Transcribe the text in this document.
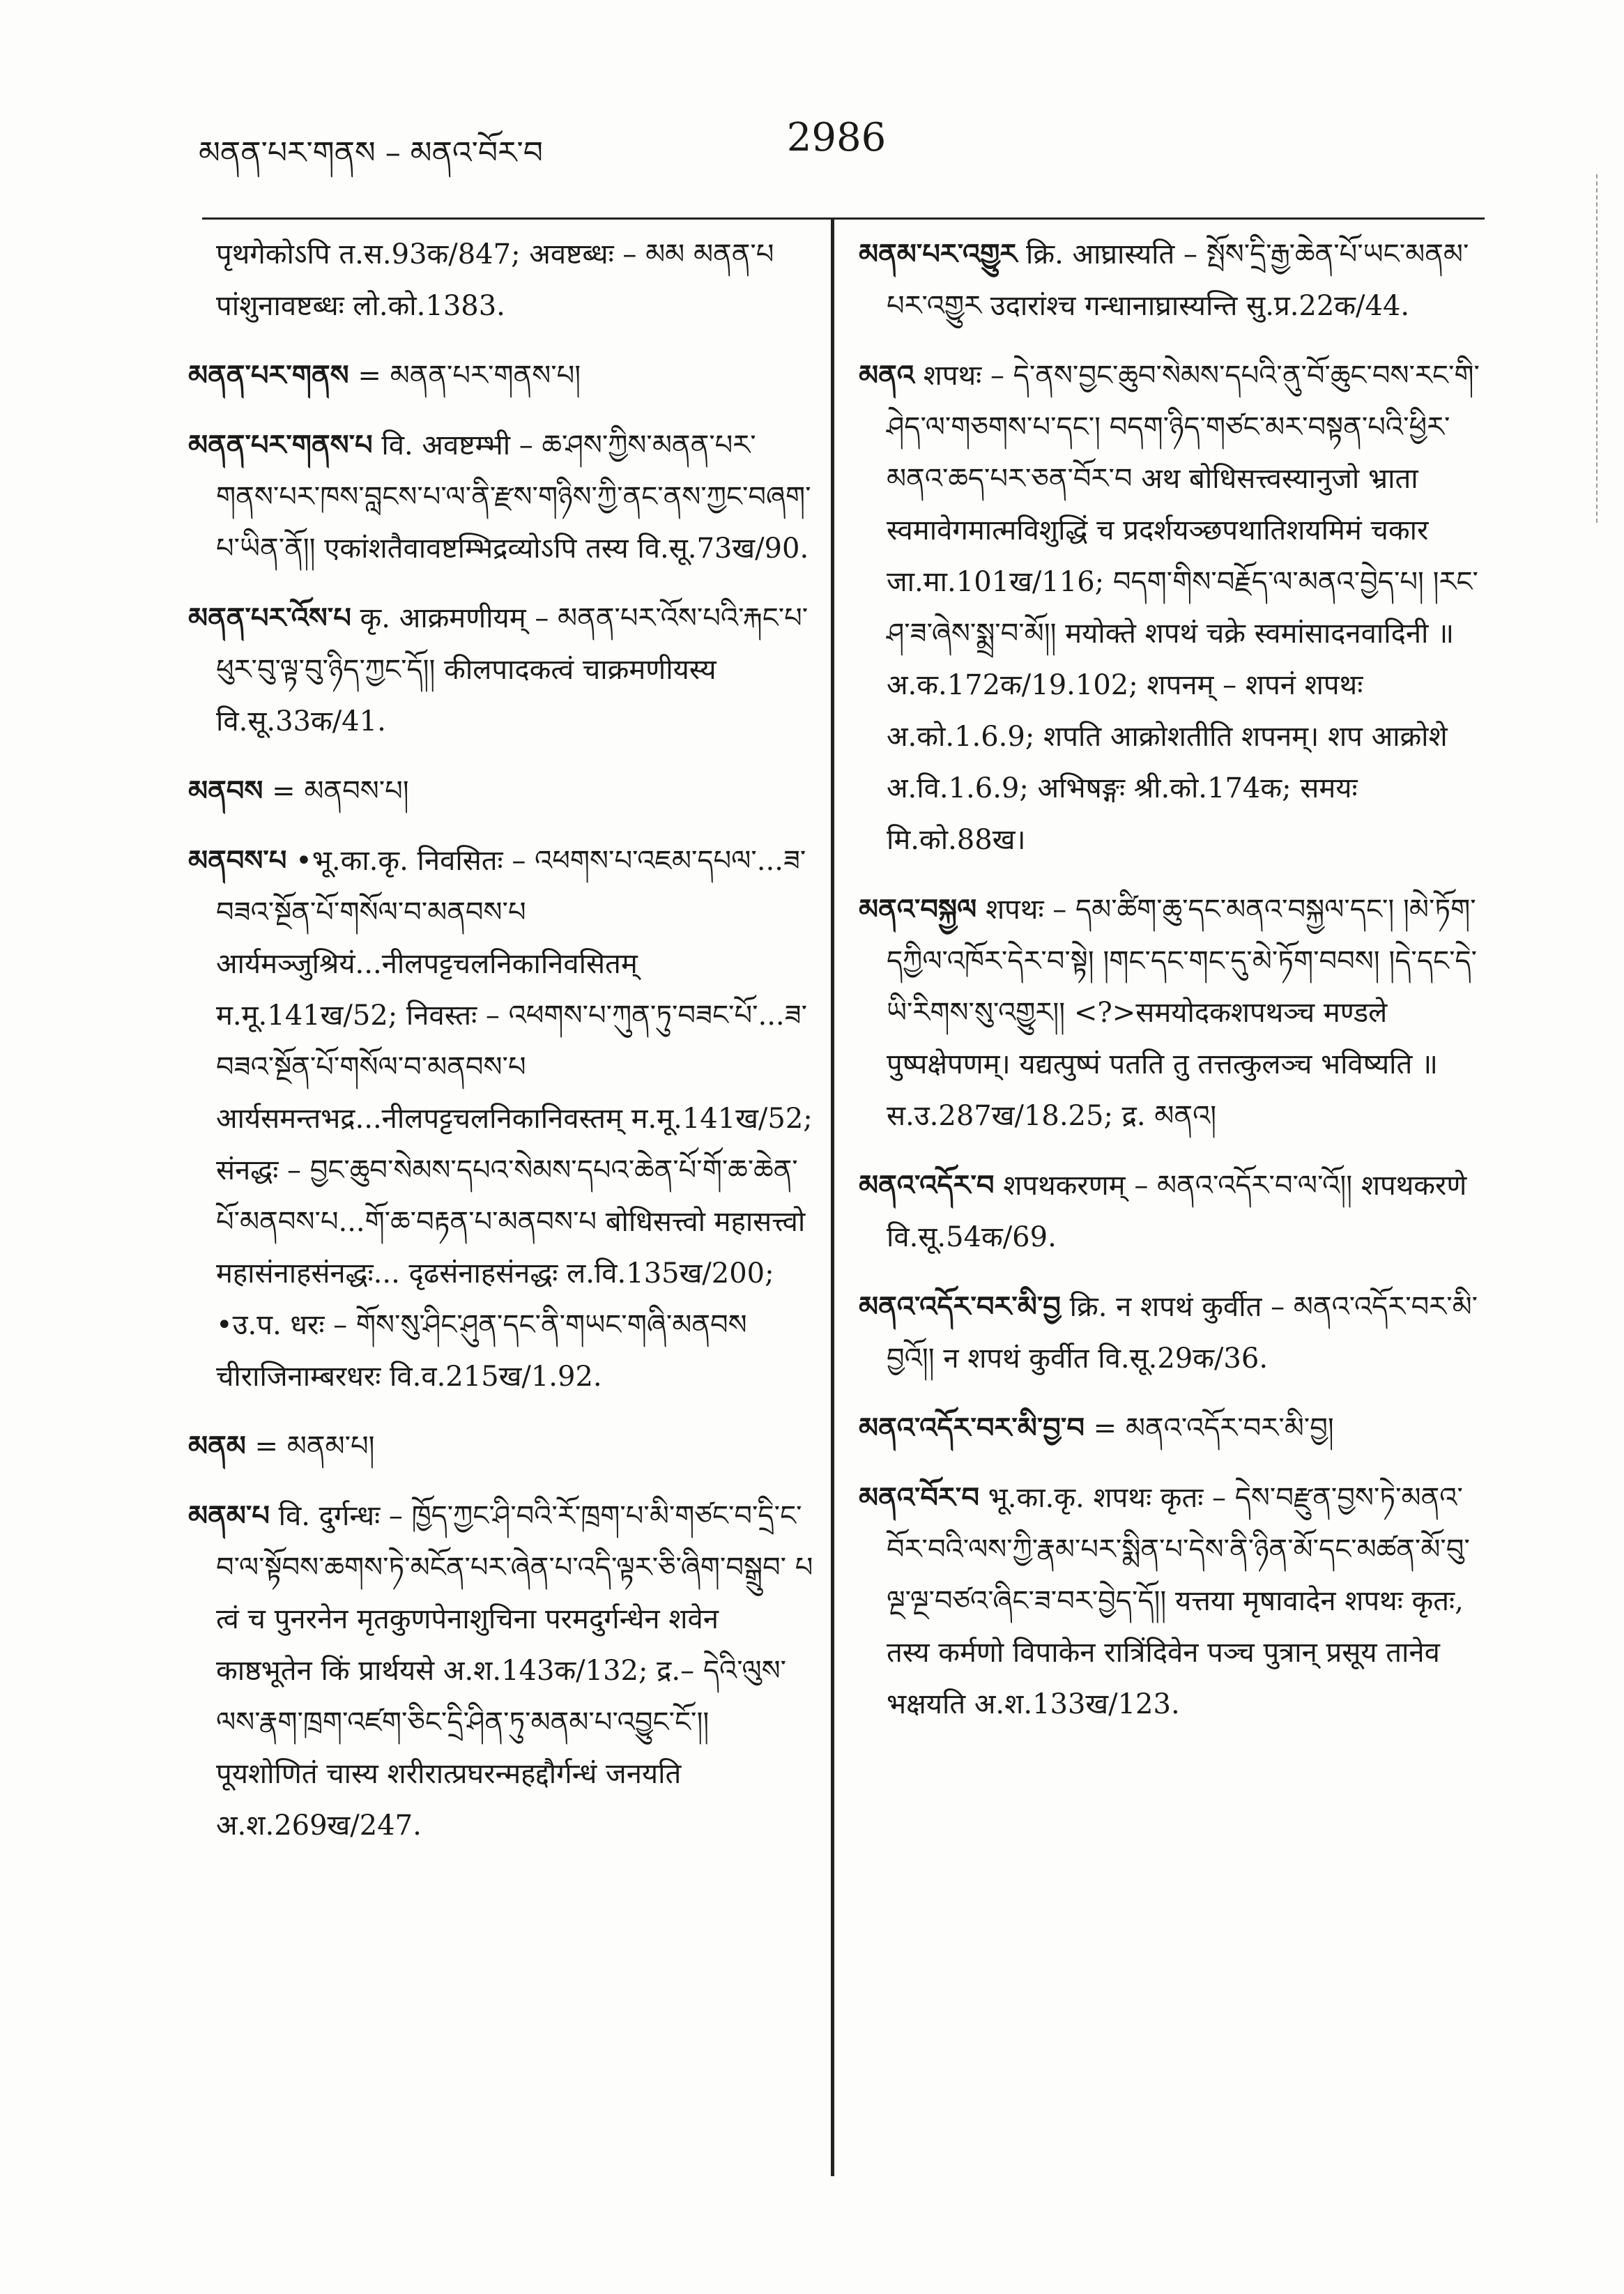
མནན་པར་གནས – མནའ་བོར་བ	2986

पृथगेकोऽपि त.स.93क/847; अवष्टब्धः – མམ མནན་པ पांशुनावष्टब्धः लो.को.1383.

མནན་པར་གནས = མནན་པར་གནས་པ།

མནན་པར་གནས་པ वि. अवष्टम्भी – ཆ་ཤས་ཀྱིས་མནན་པར་གནས་པར་ཁས་བླངས་པ་ལ་ནི་རྫས་གཉིས་ཀྱི་ནང་ནས་ཀྱང་བཞག་པ་ཡིན་ནོ།། एकांशतैवावष्टम्भिद्रव्योऽपि तस्य वि.सू.73ख/90.

མནན་པར་འོས་པ कृ. आक्रमणीयम् – མནན་པར་འོས་པའི་རྐང་པ་ཕུར་བུ་ལྟ་བུ་ཉིད་ཀྱང་དོ།། कीलपादकत्वं चाक्रमणीयस्य वि.सू.33क/41.

མནབས = མནབས་པ།

མནབས་པ •भू.का.कृ. निवसितः – འཕགས་པ་འཇམ་དཔལ་...ཟ་བཟའ་སྔོན་པོ་གསོལ་བ་མནབས་པ आर्यमञ्जुश्रियं...नीलपट्टचलनिकानिवसितम् म.मू.141ख/52; निवस्तः – འཕགས་པ་ཀུན་ཏུ་བཟང་པོ་...ཟ་བཟའ་སྔོན་པོ་གསོལ་བ་མནབས་པ आर्यसमन्तभद्र...नीलपट्टचलनिकानिवस्तम् म.मू.141ख/52; संनद्धः – བྱང་ཆུབ་སེམས་དཔའ་སེམས་དཔའ་ཆེན་པོ་གོ་ཆ་ཆེན་པོ་མནབས་པ...གོ་ཆ་བརྟན་པ་མནབས་པ बोधिसत्त्वो महासत्त्वो महासंनाहसंनद्धः... दृढसंनाहसंनद्धः ल.वि.135ख/200; •उ.प. धरः – གོས་སུ་ཤིང་ཤུན་དང་ནི་གཡང་གཞི་མནབས चीराजिनाम्बरधरः वि.व.215ख/1.92.

མནམ = མནམ་པ།

མནམ་པ वि. दुर्गन्धः – ཁྱོད་ཀྱང་ཤི་བའི་རོ་ཁྲག་པ་མི་གཙང་བ་དྲི་ང་བ་ལ་སྟོབས་ཆགས་ཏེ་མངོན་པར་ཞེན་པ་འདི་ལྟར་ཅི་ཞིག་བསྒྲུབ་ པ त्वं च पुनरनेन मृतकुणपेनाशुचिना परमदुर्गन्धेन शवेन काष्ठभूतेन किं प्रार्थयसे अ.श.143क/132; द्र.– དེའི་ལུས་ལས་རྣག་ཁྲག་འཛག་ཅིང་དྲི་ཤིན་ཏུ་མནམ་པ་འབྱུང་ངོ་།། पूयशोणितं चास्य शरीरात्प्रघरन्महद्दौर्गन्धं जनयति अ.श.269ख/247.

མནམ་པར་འགྱུར क्रि. आघ्रास्यति – སྤོས་དྲི་རྒྱ་ཆེན་པོ་ཡང་མནམ་པར་འགྱུར उदारांश्च गन्धानाघ्रास्यन्ति सु.प्र.22क/44.

མནའ शपथः – དེ་ནས་བྱང་ཆུབ་སེམས་དཔའི་ནུ་བོ་ཆུང་བས་རང་གི་ཤེད་ལ་གཅགས་པ་དང་། བདག་ཉིད་གཙང་མར་བསྟན་པའི་ཕྱིར་མནའ་ཆད་པར་ཅན་བོར་བ अथ बोधिसत्त्वस्यानुजो भ्राता स्वमावेगमात्मविशुद्धिं च प्रदर्शयञ्छपथातिशयमिमं चकार जा.मा.101ख/116; བདག་གིས་བརྗོད་ལ་མནའ་བྱེད་པ། །རང་ཤ་ཟ་ཞེས་སྨྲ་བ་མོ།། मयोक्ते शपथं चक्रे स्वमांसादनवादिनी ॥ अ.क.172क/19.102; शपनम् – शपनं शपथः अ.को.1.6.9; शपति आक्रोशतीति शपनम्। शप आक्रोशे अ.वि.1.6.9; अभिषङ्गः श्री.को.174क; समयः मि.को.88ख।

མནའ་བསྐྱལ शपथः – དམ་ཚིག་ཆུ་དང་མནའ་བསྐྱལ་དང་། །མེ་ཏོག་དཀྱིལ་འཁོར་དེར་བ་སྟེ། །གང་དང་གང་དུ་མེ་ཏོག་བབས། །དེ་དང་དེ་ཡི་རིགས་སུ་འགྱུར།། <?>समयोदकशपथञ्च मण्डले पुष्पक्षेपणम्। यद्यत्पुष्पं पतति तु तत्तत्कुलञ्च भविष्यति ॥ स.उ.287ख/18.25; द्र. མནའ།

མནའ་འདོར་བ शपथकरणम् – མནའ་འདོར་བ་ལ་འོ།། शपथकरणे वि.सू.54क/69.

མནའ་འདོར་བར་མི་བྱ क्रि. न शपथं कुर्वीत – མནའ་འདོར་བར་མི་བྱའོ།། न शपथं कुर्वीत वि.सू.29क/36.

མནའ་འདོར་བར་མི་བྱ་བ = མནའ་འདོར་བར་མི་བྱ།

མནའ་བོར་བ भू.का.कृ. शपथः कृतः – དེས་བརྫུན་བྱས་ཏེ་མནའ་བོར་བའི་ལས་ཀྱི་རྣམ་པར་སྨིན་པ་དེས་ནི་ཉིན་མོ་དང་མཚན་མོ་བུ་ལྔ་ལྔ་བཙའ་ཞིང་ཟ་བར་བྱེད་དོ།། यत्तया मृषावादेन शपथः कृतः, तस्य कर्मणो विपाकेन रात्रिंदिवेन पञ्च पुत्रान् प्रसूय तानेव भक्षयति अ.श.133ख/123.
